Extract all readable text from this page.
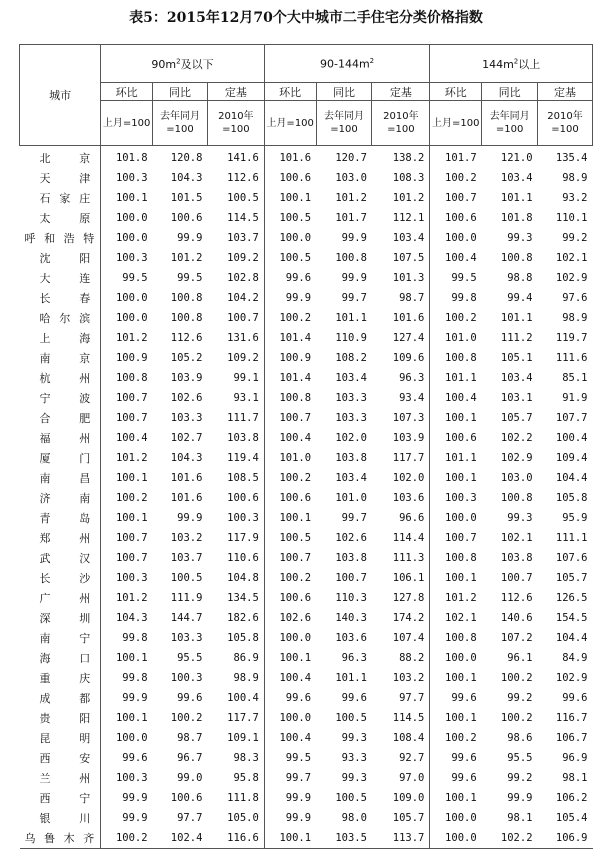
表5：2015年12月70个大中城市二手住宅分类价格指数
城市	$90m^2$及以下			$90-144m^2$			$144m^2$以上		
	环比	同比	定基	环比	同比	定基	环比	同比	定基
	上月=100	去年同月=100	2010年=100	上月=100	去年同月=100	2010年=100	上月=100	去年同月=100	2010年=100
北京	101.8	120.8	141.6	101.6	120.7	138.2	101.7	121.0	135.4
天津	100.3	104.3	112.6	100.6	103.0	108.3	100.2	103.4	98.9
石家庄	100.1	101.5	100.5	100.1	101.2	101.2	100.7	101.1	93.2
太原	100.0	100.6	114.5	100.5	101.7	112.1	100.6	101.8	110.1
呼和浩特	100.0	99.9	103.7	100.0	99.9	103.4	100.0	99.3	99.2
沈阳	100.3	101.2	109.2	100.5	100.8	107.5	100.4	100.8	102.1
大连	99.5	99.5	102.8	99.6	99.9	101.3	99.5	98.8	102.9
长春	100.0	100.8	104.2	99.9	99.7	98.7	99.8	99.4	97.6
哈尔滨	100.0	100.8	100.7	100.2	101.1	101.6	100.2	101.1	98.9
上海	101.2	112.6	131.6	101.4	110.9	127.4	101.0	111.2	119.7
南京	100.9	105.2	109.2	100.9	108.2	109.6	100.8	105.1	111.6
杭州	100.8	103.9	99.1	101.4	103.4	96.3	101.1	103.4	85.1
宁波	100.7	102.6	93.1	100.8	103.3	93.4	100.4	103.1	91.9
合肥	100.7	103.3	111.7	100.7	103.3	107.3	100.1	105.7	107.7
福州	100.4	102.7	103.8	100.4	102.0	103.9	100.6	102.2	100.4
厦门	101.2	104.3	119.4	101.0	103.8	117.7	101.1	102.9	109.4
南昌	100.1	101.6	108.5	100.2	103.4	102.0	100.1	103.0	104.4
济南	100.2	101.6	100.6	100.6	101.0	103.6	100.3	100.8	105.8
青岛	100.1	99.9	100.3	100.1	99.7	96.6	100.0	99.3	95.9
郑州	100.7	103.2	117.9	100.5	102.6	114.4	100.7	102.1	111.1
武汉	100.7	103.7	110.6	100.7	103.8	111.3	100.8	103.8	107.6
长沙	100.3	100.5	104.8	100.2	100.7	106.1	100.1	100.7	105.7
广州	101.2	111.9	134.5	100.6	110.3	127.8	101.2	112.6	126.5
深圳	104.3	144.7	182.6	102.6	140.3	174.2	102.1	140.6	154.5
南宁	99.8	103.3	105.8	100.0	103.6	107.4	100.8	107.2	104.4
海口	100.1	95.5	86.9	100.1	96.3	88.2	100.0	96.1	84.9
重庆	99.8	100.3	98.9	100.4	101.1	103.2	100.1	100.2	102.9
成都	99.9	99.6	100.4	99.6	99.6	97.7	99.6	99.2	99.6
贵阳	100.1	100.2	117.7	100.0	100.5	114.5	100.1	100.2	116.7
昆明	100.0	98.7	109.1	100.4	99.3	108.4	100.2	98.6	106.7
西安	99.6	96.7	98.3	99.5	93.3	92.7	99.6	95.5	96.9
兰州	100.3	99.0	95.8	99.7	99.3	97.0	99.6	99.2	98.1
西宁	99.9	100.6	111.8	99.9	100.5	109.0	100.1	99.9	106.2
银川	99.9	97.7	105.0	99.9	98.0	105.7	100.0	98.1	105.4
乌鲁木齐	100.2	102.4	116.6	100.1	103.5	113.7	100.0	102.2	106.9
